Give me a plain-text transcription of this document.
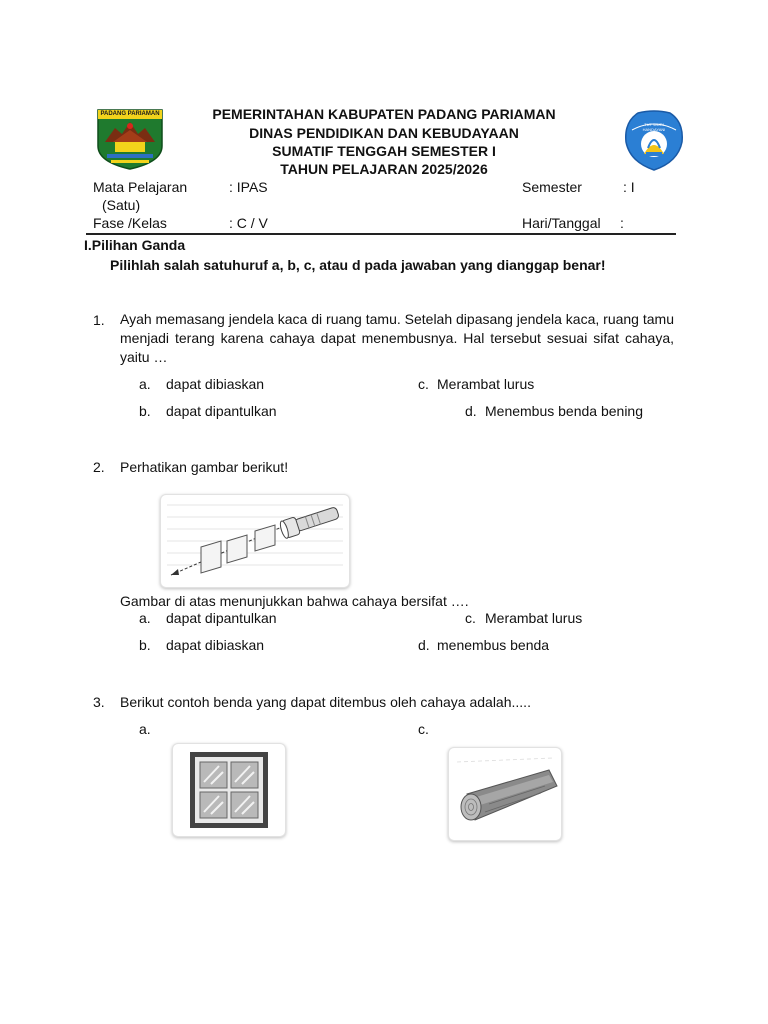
PADANG PARIAMAN
TUT WURI HANDAYANI
PEMERINTAHAN KABUPATEN PADANG PARIAMAN
DINAS PENDIDIKAN DAN KEBUDAYAAN
SUMATIF TENGGAH SEMESTER I
TAHUN PELAJARAN 2025/2026
Mata Pelajaran	: IPAS	Semester	: I
(Satu)
Fase /Kelas	: C / V	Hari/Tanggal :
I.Pilihan Ganda
Pilihlah salah satuhuruf a, b, c, atau d pada jawaban yang dianggap benar!
1. Ayah memasang jendela kaca di ruang tamu. Setelah dipasang jendela kaca, ruang tamu menjadi terang karena cahaya dapat menembusnya. Hal tersebut sesuai sifat cahaya, yaitu …
a. dapat dibiaskan	c. Merambat lurus
b. dapat dipantulkan	d. Menembus benda bening
2. Perhatikan gambar berikut!
Gambar di atas menunjukkan bahwa cahaya bersifat ….
a. dapat dipantulkan	c. Merambat lurus
b. dapat dibiaskan	d. menembus benda
3. Berikut contoh benda yang dapat ditembus oleh cahaya adalah.....
a.	c.
